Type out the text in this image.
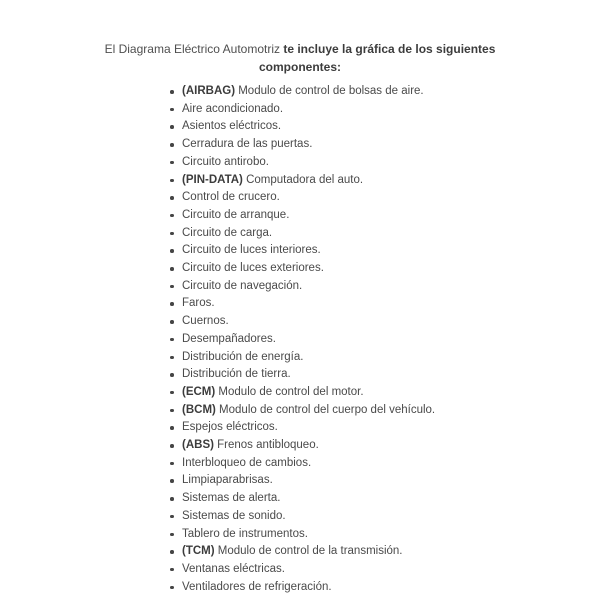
El Diagrama Eléctrico Automotriz te incluye la gráfica de los siguientes
componentes:
(AIRBAG) Modulo de control de bolsas de aire.
Aire acondicionado.
Asientos eléctricos.
Cerradura de las puertas.
Circuito antirobo.
(PIN-DATA) Computadora del auto.
Control de crucero.
Circuito de arranque.
Circuito de carga.
Circuito de luces interiores.
Circuito de luces exteriores.
Circuito de navegación.
Faros.
Cuernos.
Desempañadores.
Distribución de energía.
Distribución de tierra.
(ECM) Modulo de control del motor.
(BCM) Modulo de control del cuerpo del vehículo.
Espejos eléctricos.
(ABS) Frenos antibloqueo.
Interbloqueo de cambios.
Limpiaparabrisas.
Sistemas de alerta.
Sistemas de sonido.
Tablero de instrumentos.
(TCM) Modulo de control de la transmisión.
Ventanas eléctricas.
Ventiladores de refrigeración.
